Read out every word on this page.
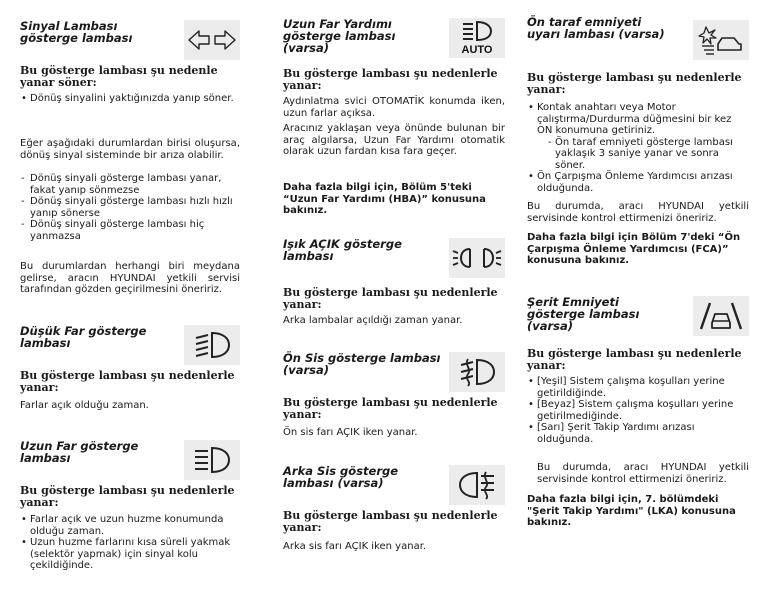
Sinyal Lambası gösterge lambası
Bu gösterge lambası şu nedenle yanar söner:
• Dönüş sinyalini yaktığınızda yanıp söner.
Eğer aşağıdaki durumlardan birisi oluşursa, dönüş sinyal sisteminde bir arıza olabilir.
- Dönüş sinyali gösterge lambası yanar, fakat yanıp sönmezse
- Dönüş sinyali gösterge lambası hızlı hızlı yanıp sönerse
- Dönüş sinyali gösterge lambası hiç yanmazsa
Bu durumlardan herhangi biri meydana gelirse, aracın HYUNDAI yetkili servisi tarafından gözden geçirilmesini öneririz.
Düşük Far gösterge lambası
Bu gösterge lambası şu nedenlerle yanar:
Farlar açık olduğu zaman.
Uzun Far gösterge lambası
Bu gösterge lambası şu nedenlerle yanar:
• Farlar açık ve uzun huzme konumunda olduğu zaman.
• Uzun huzme farlarını kısa süreli yakmak (selektör yapmak) için sinyal kolu çekildiğinde.
Uzun Far Yardımı gösterge lambası (varsa)	AUTO
Bu gösterge lambası şu nedenlerle yanar:
Aydınlatma svici OTOMATİK konumda iken, uzun farlar açıksa.
Aracınız yaklaşan veya önünde bulunan bir araç algılarsa, Uzun Far Yardımı otomatik olarak uzun fardan kısa fara geçer.
Daha fazla bilgi için, Bölüm 5'teki “Uzun Far Yardımı (HBA)” konusuna bakınız.
Işık AÇIK gösterge lambası
Bu gösterge lambası şu nedenlerle yanar:
Arka lambalar açıldığı zaman yanar.
Ön Sis gösterge lambası (varsa)
Bu gösterge lambası şu nedenlerle yanar:
Ön sis farı AÇIK iken yanar.
Arka Sis gösterge lambası (varsa)
Bu gösterge lambası şu nedenlerle yanar:
Arka sis farı AÇIK iken yanar.
Ön taraf emniyeti uyarı lambası (varsa)
Bu gösterge lambası şu nedenlerle yanar:
• Kontak anahtarı veya Motor çalıştırma/Durdurma düğmesini bir kez ON konumuna getiriniz.
- Ön taraf emniyeti gösterge lambası yaklaşık 3 saniye yanar ve sonra söner.
• Ön Çarpışma Önleme Yardımcısı arızası olduğunda.
Bu durumda, aracı HYUNDAI yetkili servisinde kontrol ettirmenizi öneririz.
Daha fazla bilgi için Bölüm 7'deki “Ön Çarpışma Önleme Yardımcısı (FCA)” konusuna bakınız.
Şerit Emniyeti gösterge lambası (varsa)
Bu gösterge lambası şu nedenlerle yanar:
• [Yeşil] Sistem çalışma koşulları yerine getirildiğinde.
• [Beyaz] Sistem çalışma koşulları yerine getirilmediğinde.
• [Sarı] Şerit Takip Yardımı arızası olduğunda.
Bu durumda, aracı HYUNDAI yetkili servisinde kontrol ettirmenizi öneririz.
Daha fazla bilgi için, 7. bölümdeki "Şerit Takip Yardımı" (LKA) konusuna bakınız.
